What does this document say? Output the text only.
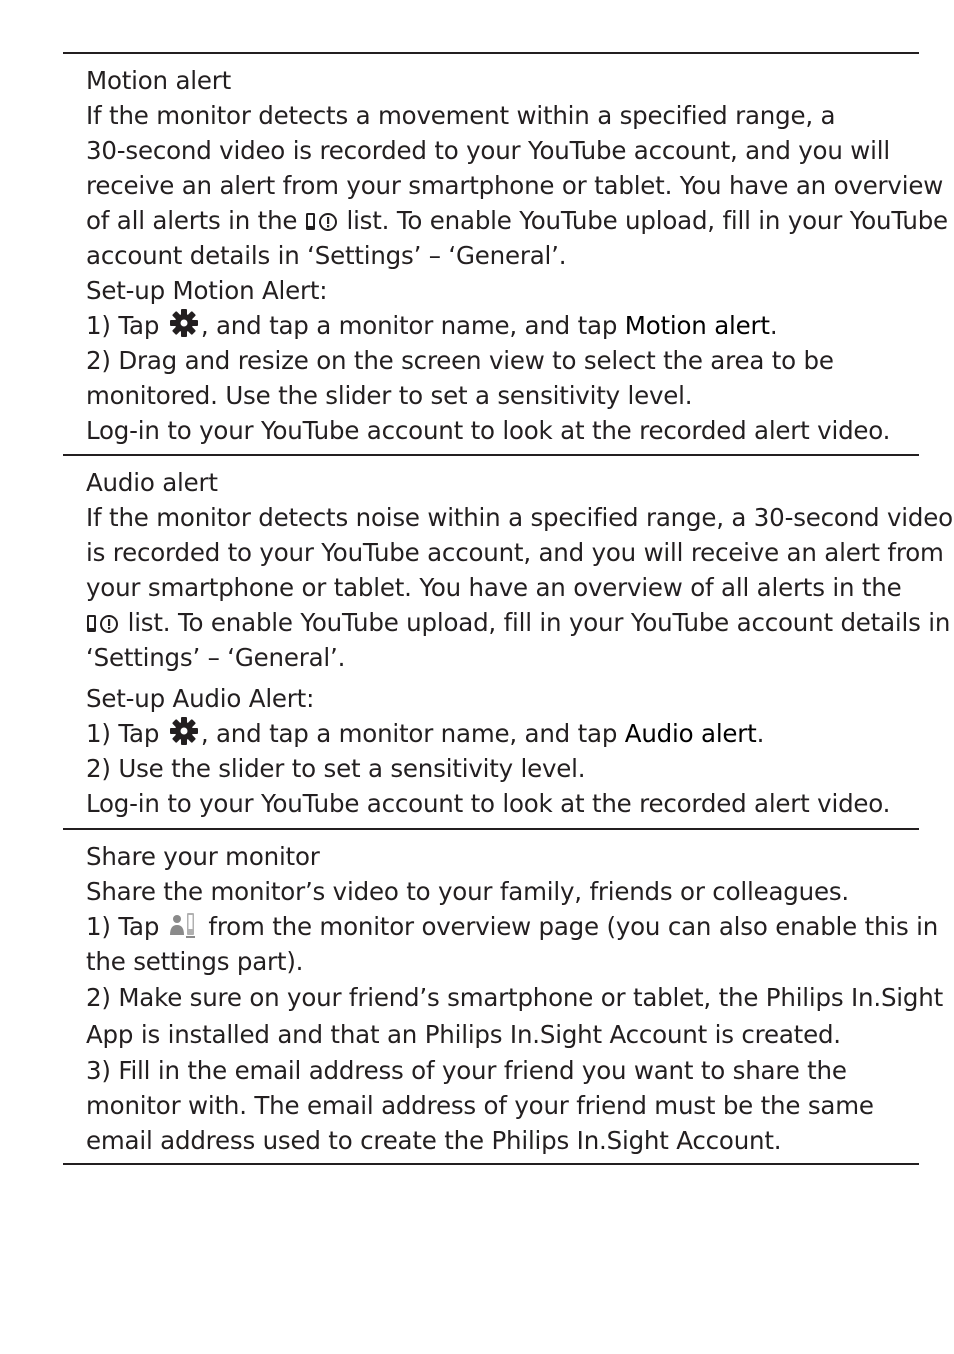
Motion alert
If the monitor detects a movement within a specified range, a
30-second video is recorded to your YouTube account, and you will
receive an alert from your smartphone or tablet. You have an overview
of all alerts in the list. To enable YouTube upload, fill in your YouTube
account details in ‘Settings’ – ‘General’.
Set-up Motion Alert:
1) Tap , and tap a monitor name, and tap Motion alert.
2) Drag and resize on the screen view to select the area to be
monitored. Use the slider to set a sensitivity level.
Log-in to your YouTube account to look at the recorded alert video.
Audio alert
If the monitor detects noise within a specified range, a 30-second video
is recorded to your YouTube account, and you will receive an alert from
your smartphone or tablet. You have an overview of all alerts in the
list. To enable YouTube upload, fill in your YouTube account details in
‘Settings’ – ‘General’.
Set-up Audio Alert:
1) Tap , and tap a monitor name, and tap Audio alert.
2) Use the slider to set a sensitivity level.
Log-in to your YouTube account to look at the recorded alert video.
Share your monitor
Share the monitor’s video to your family, friends or colleagues.
1) Tap from the monitor overview page (you can also enable this in
the settings part).
2) Make sure on your friend’s smartphone or tablet, the Philips In.Sight
App is installed and that an Philips In.Sight Account is created.
3) Fill in the email address of your friend you want to share the
monitor with. The email address of your friend must be the same
email address used to create the Philips In.Sight Account.
